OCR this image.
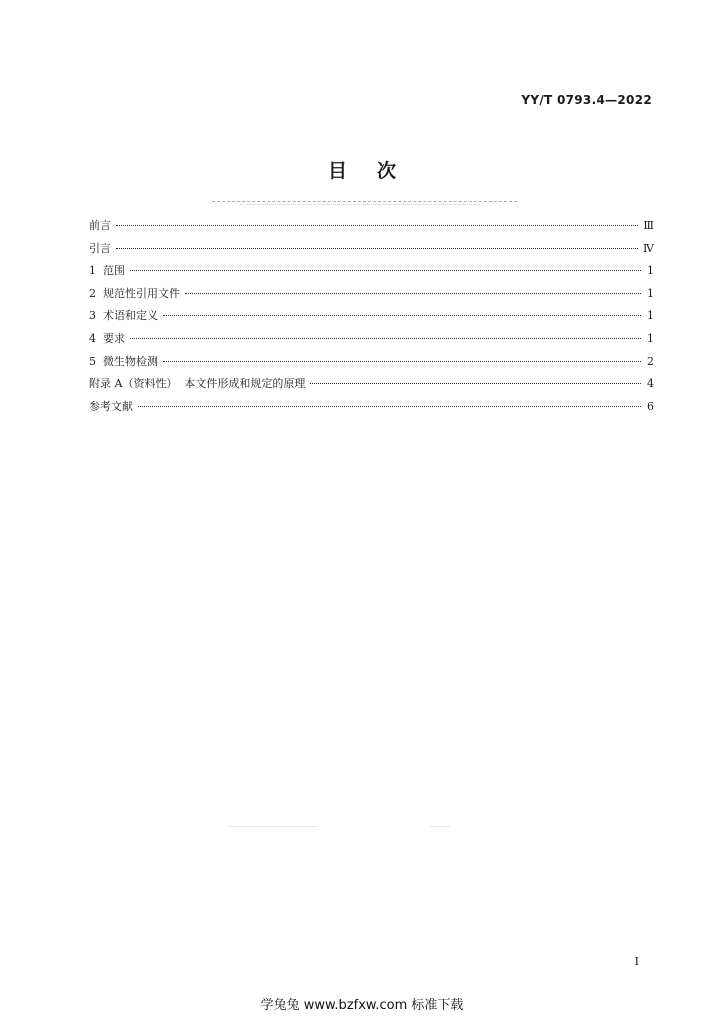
YY/T 0793.4—2022
目次
前言	Ⅲ
引言	Ⅳ
1  范围	1
2  规范性引用文件	1
3  术语和定义	1
4  要求	1
5  微生物检测	2
附录 A（资料性）  本文件形成和规定的原理	4
参考文献	6
I
学兔兔 www.bzfxw.com 标准下载
